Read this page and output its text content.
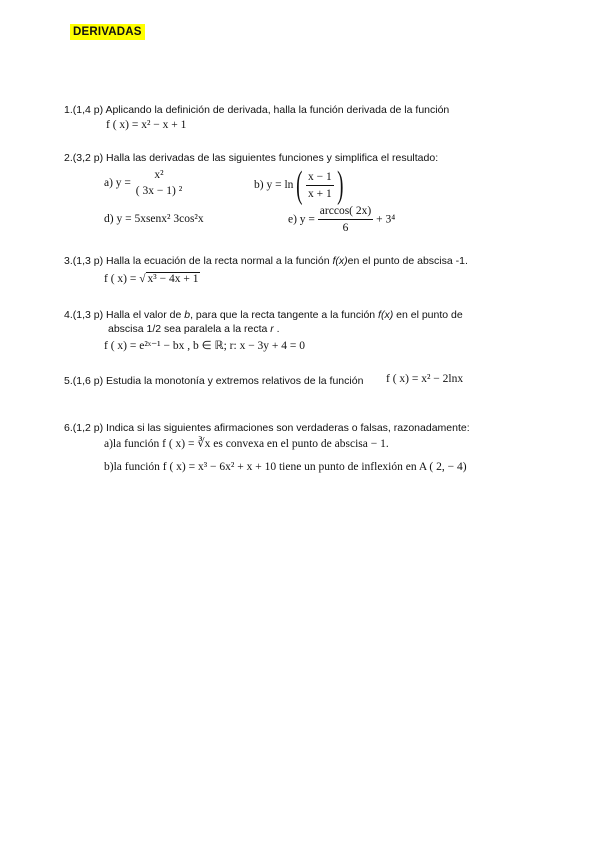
DERIVADAS
1.(1,4 p) Aplicando la definición de derivada, halla la función derivada de la función
f ( x) = x² − x + 1
2.(3,2 p) Halla las derivadas de las siguientes funciones y simplifica el resultado:
a) y =
x²
( 3x − 1) ²	b) $y = \ln( \frac{x - 1}{x + 1}$ )
d) y = 5xsenx² 3cos²x	e) $y = \frac{\arccos( 2x)}{6} + 3^4$
3.(1,3 p) Halla la ecuación de la recta normal a la función f(x)en el punto de abscisa -1.
f ( x) = √ x³ − 4x + 1
4.(1,3 p) Halla el valor de b, para que la recta tangente a la función f(x) en el punto de
abscisa 1/2 sea paralela a la recta r .
f ( x) = e²ˣ⁻¹ − bx , b ∈ ℝ; r: x − 3y + 4 = 0
5.(1,6 p) Estudia la monotonía y extremos relativos de la función f ( x) = x² − 2lnx
6.(1,2 p) Indica si las siguientes afirmaciones son verdaderas o falsas, razonadamente:
a)la función f ( x) = ∛x es convexa en el punto de abscisa − 1.
b)la función f ( x) = x³ − 6x² + x + 10 tiene un punto de inflexión en A ( 2, − 4)
